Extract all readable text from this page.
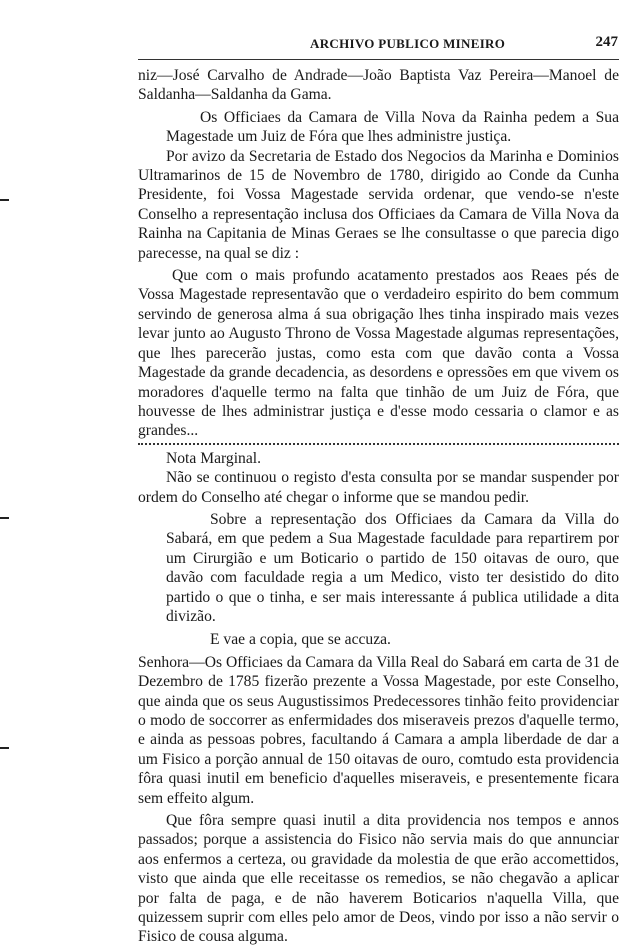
ARCHIVO PUBLICO MINEIRO	247

niz—José Carvalho de Andrade—João Baptista Vaz Pereira—Manoel de Saldanha—Saldanha da Gama.

Os Officiaes da Camara de Villa Nova da Rainha pedem a Sua Magestade um Juiz de Fóra que lhes administre justiça.

Por avizo da Secretaria de Estado dos Negocios da Marinha e Dominios Ultramarinos de 15 de Novembro de 1780, dirigido ao Conde da Cunha Presidente, foi Vossa Magestade servida ordenar, que vendo-se n'este Conselho a representação inclusa dos Officiaes da Camara de Villa Nova da Rainha na Capitania de Minas Geraes se lhe consultasse o que parecia digo parecesse, na qual se diz :

Que com o mais profundo acatamento prestados aos Reaes pés de Vossa Magestade representavão que o verdadeiro espirito do bem commum servindo de generosa alma á sua obrigação lhes tinha inspirado mais vezes levar junto ao Augusto Throno de Vossa Magestade algumas representações, que lhes parecerão justas, como esta com que davão conta a Vossa Magestade da grande decadencia, as desordens e opressões em que vivem os moradores d'aquelle termo na falta que tinhão de um Juiz de Fóra, que houvesse de lhes administrar justiça e d'esse modo cessaria o clamor e as grandes...

Nota Marginal.

Não se continuou o registo d'esta consulta por se mandar suspender por ordem do Conselho até chegar o informe que se mandou pedir.

Sobre a representação dos Officiaes da Camara da Villa do Sabará, em que pedem a Sua Magestade faculdade para repartirem por um Cirurgião e um Boticario o partido de 150 oitavas de ouro, que davão com faculdade regia a um Medico, visto ter desistido do dito partido o que o tinha, e ser mais interessante á publica utilidade a dita divizão.

E vae a copia, que se accuza.

Senhora—Os Officiaes da Camara da Villa Real do Sabará em carta de 31 de Dezembro de 1785 fizerão prezente a Vossa Magestade, por este Conselho, que ainda que os seus Augustissimos Predecessores tinhão feito providenciar o modo de soccorrer as enfermidades dos miseraveis prezos d'aquelle termo, e ainda as pessoas pobres, facultando á Camara a ampla liberdade de dar a um Fisico a porção annual de 150 oitavas de ouro, comtudo esta providencia fôra quasi inutil em beneficio d'aquelles miseraveis, e presentemente ficara sem effeito algum.

Que fôra sempre quasi inutil a dita providencia nos tempos e annos passados; porque a assistencia do Fisico não servia mais do que annunciar aos enfermos a certeza, ou gravidade da molestia de que erão accomettidos, visto que ainda que elle receitasse os remedios, se não chegavão a aplicar por falta de paga, e de não haverem Boticarios n'aquella Villa, que quizessem suprir com elles pelo amor de Deos, vindo por isso a não servir o Fisico de cousa alguma.
